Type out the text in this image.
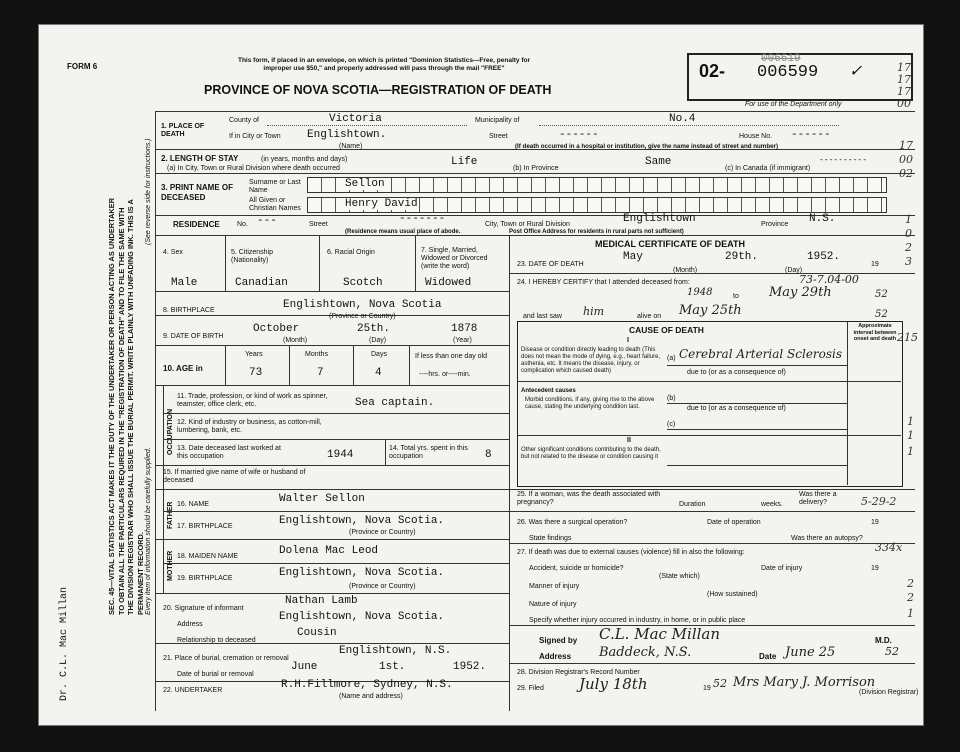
FORM 6
This form, if placed in an envelope, on which is printed "Dominion Statistics—Free, penalty for improper use $50," and properly addressed will pass through the mail "FREE"
PROVINCE OF NOVA SCOTIA—REGISTRATION OF DEATH
02-
006619
006599 ✓
For use of the Department only
SEC. 45—VITAL STATISTICS ACT MAKES IT THE DUTY OF THE UNDERTAKER OR PERSON ACTING AS UNDERTAKER TO OBTAIN ALL THE PARTICULARS REQUIRED IN THE "REGISTRATION OF DEATH" AND TO FILE THE SAME WITH THE DIVISION REGISTRAR WHO SHALL ISSUE THE BURIAL PERMIT. WRITE PLAINLY WITH UNFADING INK. THIS IS A PERMANENT RECORD. Every item of information should be carefully supplied.
(See reverse side for instructions.)
Dr. C.L. Mac Millan
1. PLACE OF DEATH
County of	Victoria	Municipality of	No.4
If in City or Town Englishtown.
(Name)
Street	------	House No. ------
(If death occurred in a hospital or institution, give the name instead of street and number)
2. LENGTH OF STAY	(in years, months and days)
(a) In City, Town or Rural Division where death occurred
Life
(b) In Province
Same
(c) In Canada (if immigrant)
----------
3. PRINT NAME OF DECEASED
Surname or Last Name
Sellon
All Given or Christian Names	Henry David
RESIDENCE No. ---	Street	-------
(Residence means usual place of abode.
City, Town or Rural Division	Englishtown
Post Office Address for residents in rural parts not sufficient)
Province N.S.
4. Sex
Male
5. Citizenship (Nationality)
Canadian
6. Racial Origin
Scotch
7. Single, Married, Widowed or Divorced (write the word)
Widowed
8. BIRTHPLACE	Englishtown, Nova Scotia
(Province or Country)
9. DATE OF BIRTH
October	25th.	1878
(Month)	(Day)	(Year)
10. AGE in
Years	Months	Days
73	7	4
If less than one day old
----hrs. or----min.
OCCUPATION
11. Trade, profession, or kind of work as spinner, teamster, office clerk, etc.	Sea captain.
12. Kind of industry or business, as cotton-mill, lumbering, bank, etc.
13. Date deceased last worked at this occupation	1944
14. Total yrs. spent in this occupation	8
15. If married give name of wife or husband of deceased
FATHER
MOTHER
16. NAME	Walter Sellon
17. BIRTHPLACE	Englishtown, Nova Scotia.
(Province or Country)
18. MAIDEN NAME	Dolena Mac Leod
19. BIRTHPLACE	Englishtown, Nova Scotia.
(Province or Country)
20. Signature of informant
Nathan Lamb
Address
Englishtown, Nova Scotia.
Relationship to deceased
Cousin
21. Place of burial, cremation or removal
Englishtown, N.S.
Date of burial or removal
June	1st.	1952.
22. UNDERTAKER	R.H.Fillmore, Sydney, N.S.
(Name and address)
MEDICAL CERTIFICATE OF DEATH
23. DATE OF DEATH
May	29th.	1952.
19
(Month)	(Day)
24. I HEREBY CERTIFY that I attended deceased from:	73-7.04-00
1948	to May 29th	52
and last saw him	alive on May 25th	52
CAUSE OF DEATH	Approximate interval between onset and death
I
Disease or condition directly leading to death (This does not mean the mode of dying, e.g., heart failure, asthenia, etc. It means the disease, injury, or complication which caused death)
(a) Cerebral Arterial Sclerosis
due to (or as a consequence of)
Antecedent causes
Morbid conditions, if any, giving rise to the above cause, stating the underlying condition last.
(b)
due to (or as a consequence of)
(c)
II
Other significant conditions contributing to the death, but not related to the disease or condition causing it
25. If a woman, was the death associated with pregnancy?	Duration	weeks.
Was there a delivery?
26. Was there a surgical operation?	Date of operation	19
State findings	Was there an autopsy?
27. If death was due to external causes (violence) fill in also the following:
Accident, suicide or homicide?
(State which)
Date of injury	19
Manner of injury
(How sustained)
Nature of injury
Specify whether injury occurred in industry, in home, or in public place
Signed by C.L. Mac Millan	M.D.
Address Baddeck, N.S.	Date June 25	52
28. Division Registrar's Record Number
29. Filed July 18th	19 52 Mrs Mary J. Morrison
(Division Registrar)
17
17
17
00
17
00
02
1
0
2
3
215
1
1
1
5-29-2
334x
2
2
1
